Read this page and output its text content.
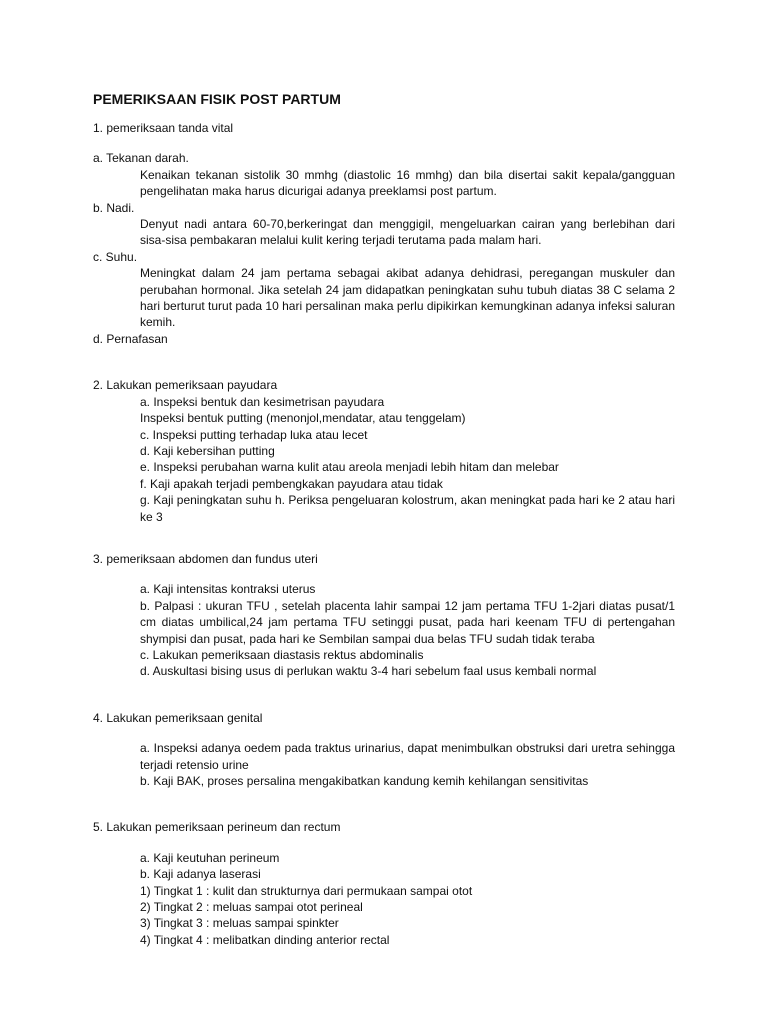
PEMERIKSAAN FISIK POST PARTUM
1. pemeriksaan tanda vital
a. Tekanan darah.
Kenaikan tekanan sistolik 30 mmhg (diastolic 16 mmhg) dan bila disertai sakit kepala/gangguan pengelihatan maka harus dicurigai adanya preeklamsi post partum.
b. Nadi.
Denyut nadi antara 60-70,berkeringat dan menggigil, mengeluarkan cairan yang berlebihan dari sisa-sisa pembakaran melalui kulit kering terjadi terutama pada malam hari.
c. Suhu.
Meningkat dalam 24 jam pertama sebagai akibat adanya dehidrasi, peregangan muskuler dan perubahan hormonal. Jika setelah 24 jam didapatkan peningkatan suhu tubuh diatas 38 C selama 2 hari berturut turut pada 10 hari persalinan maka perlu dipikirkan kemungkinan adanya infeksi saluran kemih.
d. Pernafasan
2. Lakukan pemeriksaan payudara
a. Inspeksi bentuk dan kesimetrisan payudara
Inspeksi bentuk putting (menonjol,mendatar, atau tenggelam)
c. Inspeksi putting terhadap luka atau lecet
d. Kaji kebersihan putting
e. Inspeksi perubahan warna kulit atau areola menjadi lebih hitam dan melebar
f. Kaji apakah terjadi pembengkakan payudara atau tidak
g. Kaji peningkatan suhu h. Periksa pengeluaran kolostrum, akan meningkat pada hari ke 2 atau hari ke 3
3. pemeriksaan abdomen dan fundus uteri
a. Kaji intensitas kontraksi uterus
b. Palpasi : ukuran TFU , setelah placenta lahir sampai 12 jam pertama TFU 1-2jari diatas pusat/1 cm diatas umbilical,24 jam pertama TFU setinggi pusat, pada hari keenam TFU di pertengahan shympisi dan pusat, pada hari ke Sembilan sampai dua belas TFU sudah tidak teraba
c. Lakukan pemeriksaan diastasis rektus abdominalis
d. Auskultasi bising usus di perlukan waktu 3-4 hari sebelum faal usus kembali normal
4. Lakukan pemeriksaan genital
a. Inspeksi adanya oedem pada traktus urinarius, dapat menimbulkan obstruksi dari uretra sehingga terjadi retensio urine
b. Kaji BAK, proses persalina mengakibatkan kandung kemih kehilangan sensitivitas
5. Lakukan pemeriksaan perineum dan rectum
a. Kaji keutuhan perineum
b. Kaji adanya laserasi
1) Tingkat 1 : kulit dan strukturnya dari permukaan sampai otot
2) Tingkat 2 : meluas sampai otot perineal
3) Tingkat 3 : meluas sampai spinkter
4) Tingkat 4 : melibatkan dinding anterior rectal
